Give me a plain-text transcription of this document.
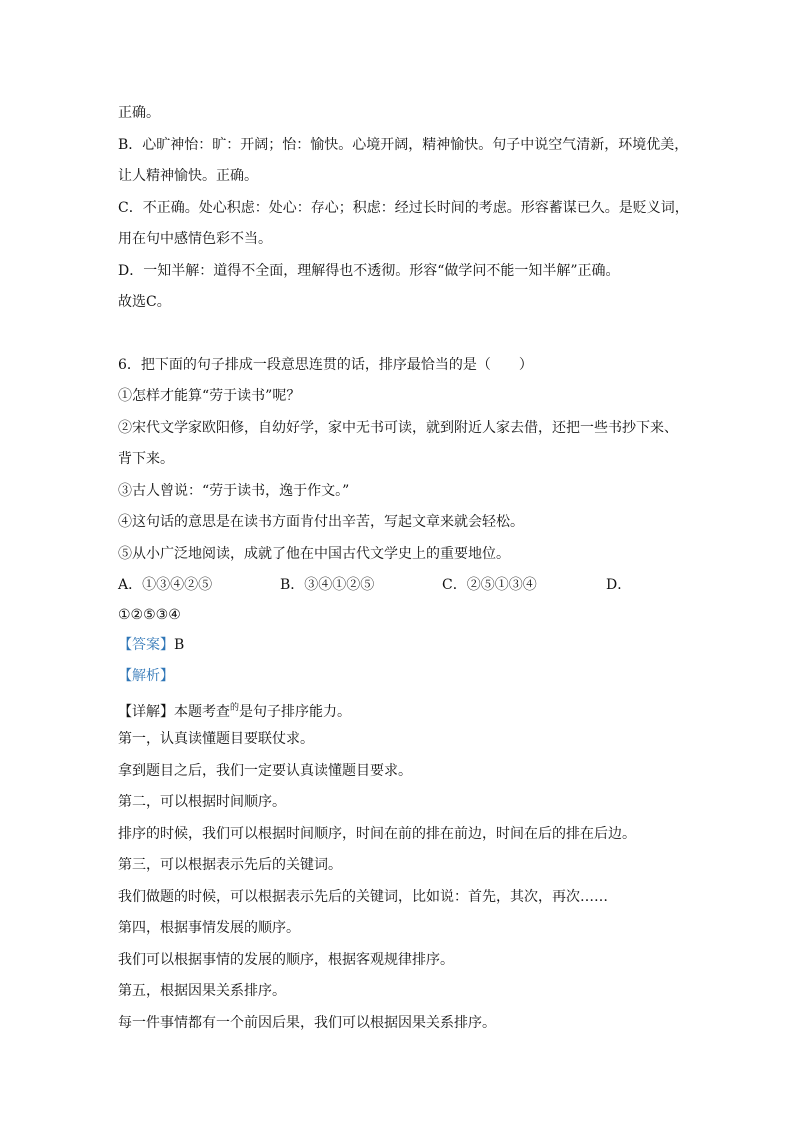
正确。
B．心旷神怡：旷：开阔；怡：愉快。心境开阔，精神愉快。句子中说空气清新，环境优美，
让人精神愉快。正确。
C．不正确。处心积虑：处心：存心；积虑：经过长时间的考虑。形容蓄谋已久。是贬义词，
用在句中感情色彩不当。
D．一知半解：道得不全面，理解得也不透彻。形容“做学问不能一知半解”正确。
故选C。
6．把下面的句子排成一段意思连贯的话，排序最恰当的是（　　）
①怎样才能算“劳于读书”呢？
②宋代文学家欧阳修，自幼好学，家中无书可读，就到附近人家去借，还把一些书抄下来、
背下来。
③古人曾说：“劳于读书，逸于作文。”
④这句话的意思是在读书方面肯付出辛苦，写起文章来就会轻松。
⑤从小广泛地阅读，成就了他在中国古代文学史上的重要地位。
A．①③④②⑤	B．③④①②⑤	C．②⑤①③④	D．
①②⑤③④
【答案】B
【解析】
【详解】本题考查$^的$是句子排序能力。
第一，认真读懂题目要联仗求。
拿到题目之后，我们一定要认真读懂题目要求。
第二，可以根据时间顺序。
排序的时候，我们可以根据时间顺序，时间在前的排在前边，时间在后的排在后边。
第三，可以根据表示先后的关键词。
我们做题的时候，可以根据表示先后的关键词，比如说：首先，其次，再次……
第四，根据事情发展的顺序。
我们可以根据事情的发展的顺序，根据客观规律排序。
第五，根据因果关系排序。
每一件事情都有一个前因后果，我们可以根据因果关系排序。
